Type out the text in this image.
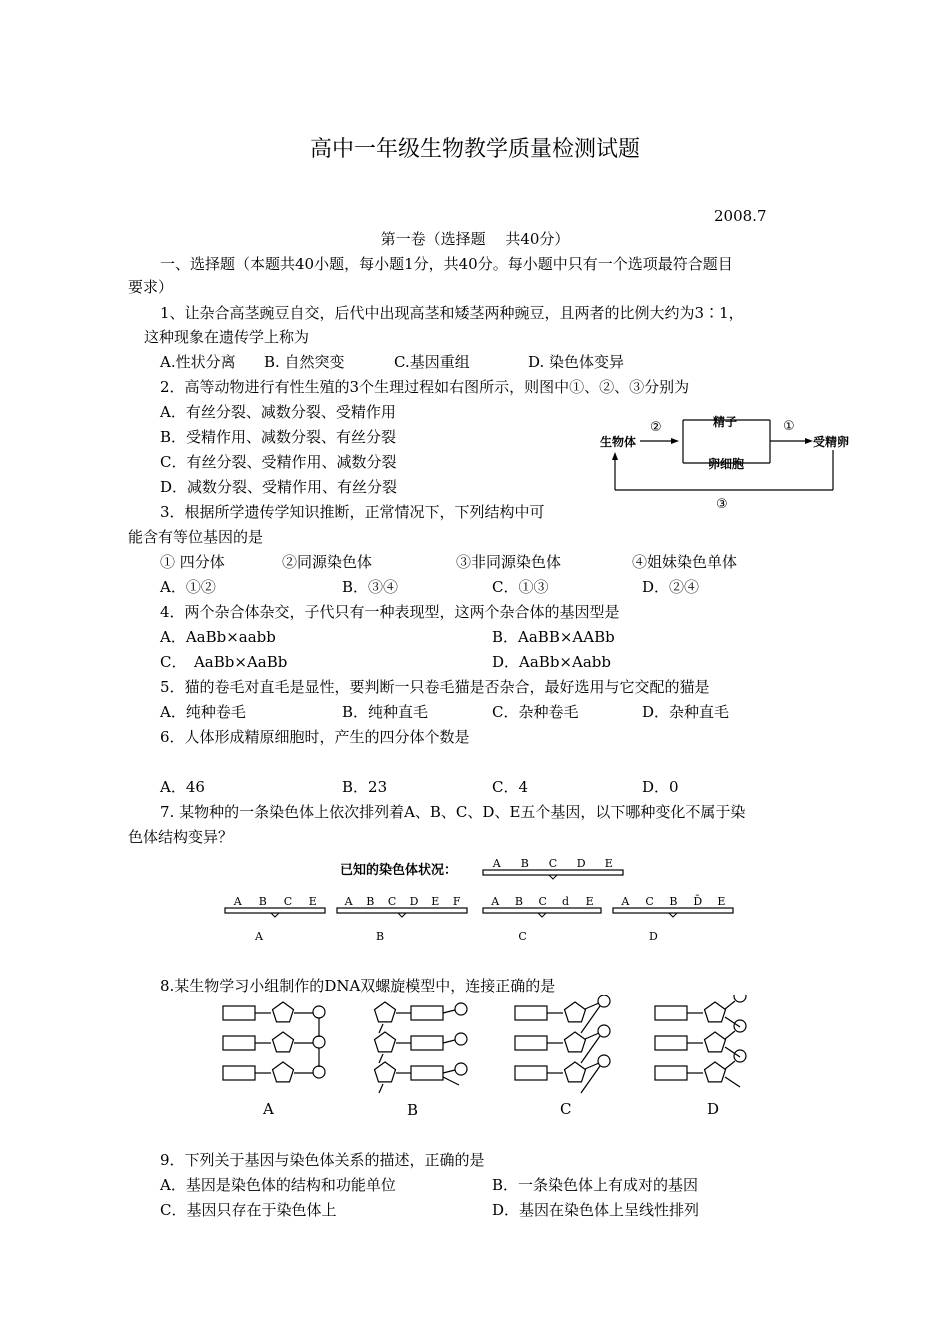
高中一年级生物教学质量检测试题
2008.7
第一卷（选择题　 共40分）
一、选择题（本题共40小题，每小题1分，共40分。每小题中只有一个选项最符合题目
要求）
1、让杂合高茎豌豆自交，后代中出现高茎和矮茎两种豌豆，且两者的比例大约为3∶1，
这种现象在遗传学上称为
A.性状分离 B. 自然突变	C.基因重组	D. 染色体变异
2．高等动物进行有性生殖的3个生理过程如右图所示，则图中①、②、③分别为
A．有丝分裂、减数分裂、受精作用
B．受精作用、减数分裂、有丝分裂
C．有丝分裂、受精作用、减数分裂
D．减数分裂、受精作用、有丝分裂
生物体
②	精子
卵细胞
①
受精卵
③
3．根据所学遗传学知识推断，正常情况下，下列结构中可
能含有等位基因的是
① 四分体	②同源染色体	③非同源染色体	④姐妹染色单体
A．①②	B．③④	C．①③	D．②④
4．两个杂合体杂交，子代只有一种表现型，这两个杂合体的基因型是
A．AaBb×aabb	B．AaBB×AABb
C．　AaBb×AaBb	D．AaBb×Aabb
5．猫的卷毛对直毛是显性，要判断一只卷毛猫是否杂合，最好选用与它交配的猫是
A．纯种卷毛	B．纯种直毛	C．杂种卷毛	D．杂种直毛
6．人体形成精原细胞时，产生的四分体个数是
A．46	B．23	C．4	D．0
7. 某物种的一条染色体上依次排列着A、B、C、D、E五个基因，以下哪种变化不属于染
色体结构变异？
已知的染色体状况：	A B C D E
A B C E
A
A B C D E F
B
A B C d E
C
A C B D̄ E
D
8.某生物学习小组制作的DNA双螺旋模型中，连接正确的是
A	B	C	D
9．下列关于基因与染色体关系的描述，正确的是
A．基因是染色体的结构和功能单位	B．一条染色体上有成对的基因
C．基因只存在于染色体上	D．基因在染色体上呈线性排列
